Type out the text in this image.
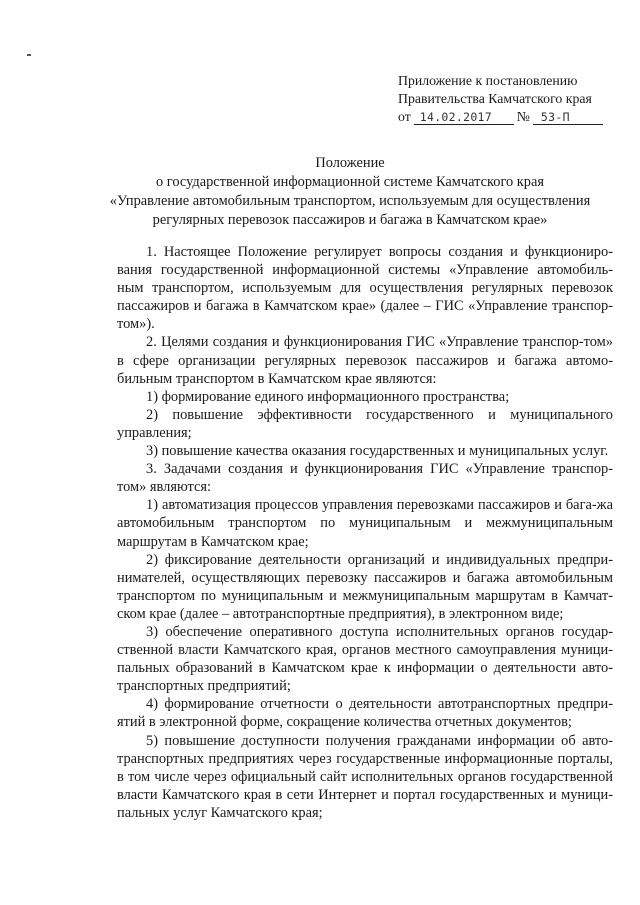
Приложение к постановлению
Правительства Камчатского края
от 14.02.2017	№ 53-П
Положение
о государственной информационной системе Камчатского края
«Управление автомобильным транспортом, используемым для осуществления
регулярных перевозок пассажиров и багажа в Камчатском крае»

1. Настоящее Положение регулирует вопросы создания и функциониро-вания государственной информационной системы «Управление автомобиль-ным транспортом, используемым для осуществления регулярных перевозок пассажиров и багажа в Камчатском крае» (далее – ГИС «Управление транспор-том»).

2. Целями создания и функционирования ГИС «Управление транспор-том» в сфере организации регулярных перевозок пассажиров и багажа автомо-бильным транспортом в Камчатском крае являются:

1) формирование единого информационного пространства;

2) повышение эффективности государственного и муниципального управления;

3) повышение качества оказания государственных и муниципальных услуг.

3. Задачами создания и функционирования ГИС «Управление транспор-том» являются:

1) автоматизация процессов управления перевозками пассажиров и бага-жа автомобильным транспортом по муниципальным и межмуниципальным маршрутам в Камчатском крае;

2) фиксирование деятельности организаций и индивидуальных предпри-нимателей, осуществляющих перевозку пассажиров и багажа автомобильным транспортом по муниципальным и межмуниципальным маршрутам в Камчат-ском крае (далее – автотранспортные предприятия), в электронном виде;

3) обеспечение оперативного доступа исполнительных органов государ-ственной власти Камчатского края, органов местного самоуправления муници-пальных образований в Камчатском крае к информации о деятельности авто-транспортных предприятий;

4) формирование отчетности о деятельности автотранспортных предпри-ятий в электронной форме, сокращение количества отчетных документов;

5) повышение доступности получения гражданами информации об авто-транспортных предприятиях через государственные информационные порталы, в том числе через официальный сайт исполнительных органов государственной власти Камчатского края в сети Интернет и портал государственных и муници-пальных услуг Камчатского края;
